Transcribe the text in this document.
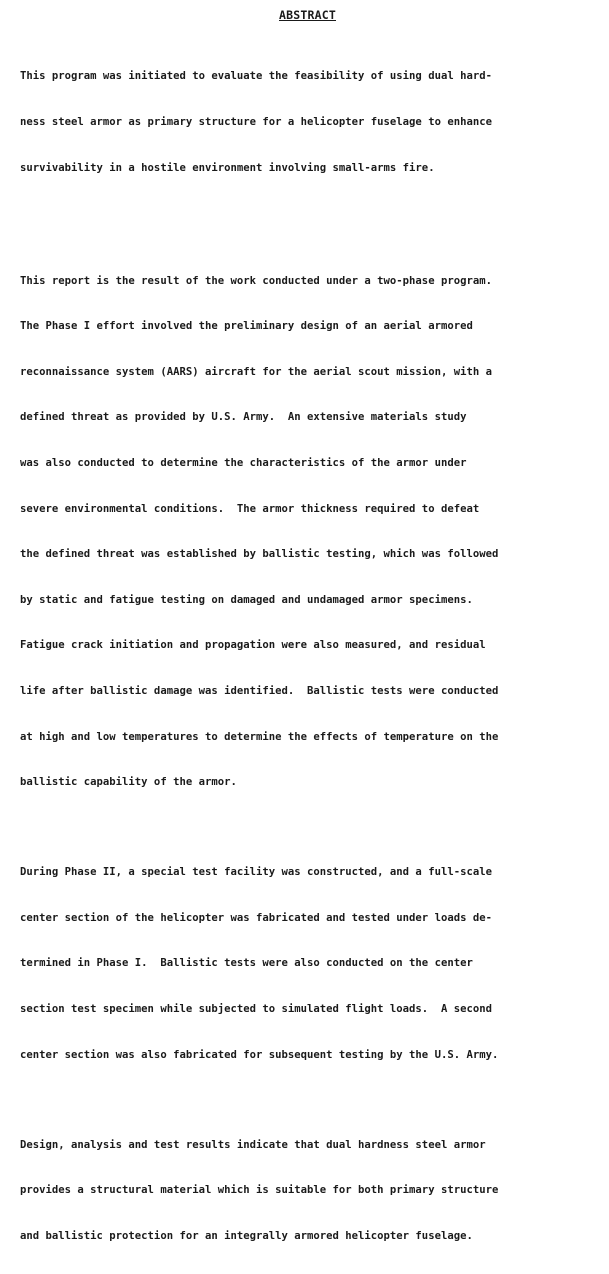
ABSTRACT

This program was initiated to evaluate the feasibility of using dual hard-

ness steel armor as primary structure for a helicopter fuselage to enhance

survivability in a hostile environment involving small-arms fire.

This report is the result of the work conducted under a two-phase program.

The Phase I effort involved the preliminary design of an aerial armored

reconnaissance system (AARS) aircraft for the aerial scout mission, with a

defined threat as provided by U.S. Army.  An extensive materials study

was also conducted to determine the characteristics of the armor under

severe environmental conditions.  The armor thickness required to defeat

the defined threat was established by ballistic testing, which was followed

by static and fatigue testing on damaged and undamaged armor specimens.

Fatigue crack initiation and propagation were also measured, and residual

life after ballistic damage was identified.  Ballistic tests were conducted

at high and low temperatures to determine the effects of temperature on the

ballistic capability of the armor.

During Phase II, a special test facility was constructed, and a full-scale

center section of the helicopter was fabricated and tested under loads de-

termined in Phase I.  Ballistic tests were also conducted on the center

section test specimen while subjected to simulated flight loads.  A second

center section was also fabricated for subsequent testing by the U.S. Army.

Design, analysis and test results indicate that dual hardness steel armor

provides a structural material which is suitable for both primary structure

and ballistic protection for an integrally armored helicopter fuselage.
